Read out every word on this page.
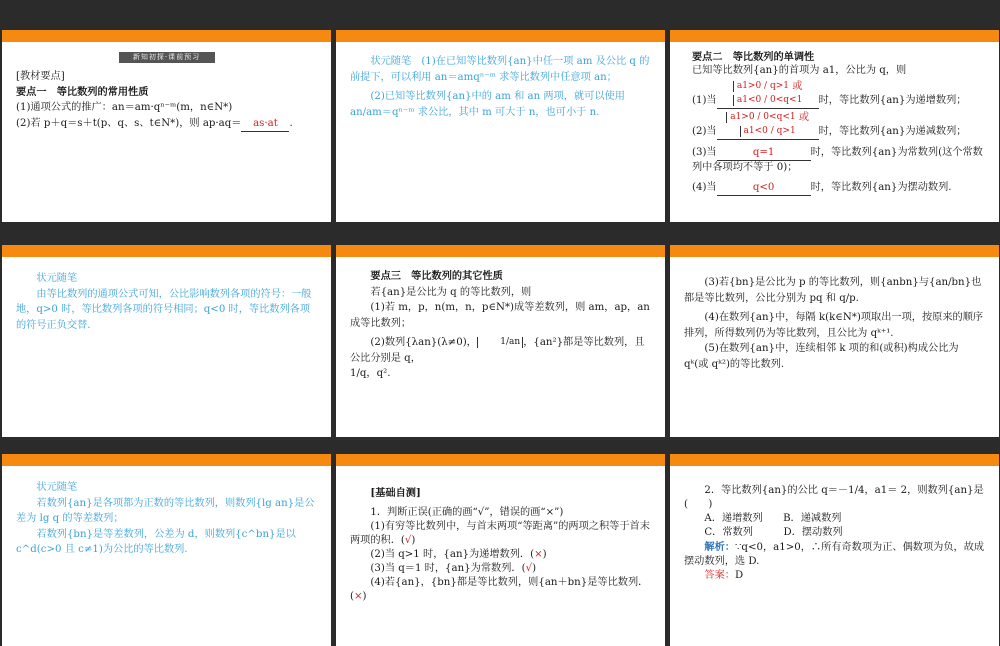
新知初探·课前预习

[教材要点]

要点一　等比数列的常用性质

(1)通项公式的推广：an＝am·qⁿ⁻ᵐ(m，n∈N*)

(2)若 p＋q＝s＋t(p、q、s、t∈N*)，则 ap·aq＝ as·at .

状元随笔　(1)在已知等比数列{an}中任一项 am 及公比 q 的前提下，可以利用 an＝amqⁿ⁻ᵐ 求等比数列中任意项 an；

(2)已知等比数列{an}中的 am 和 an 两项，就可以使用 an/am＝qⁿ⁻ᵐ 求公比，其中 m 可大于 n，也可小于 n.

要点二　等比数列的单调性

已知等比数列{an}的首项为 a1，公比为 q，则

(1)当a1>0 / q>1 或 a1<0 / 0<q<1 时，等比数列{an}为递增数列；

(2)当a1>0 / 0<q<1 或 a1<0 / q>1 时，等比数列{an}为递减数列；

(3)当	q=1	时，等比数列{an}为常数列(这个常数列中各项均不等于 0)；

(4)当	q<0	时，等比数列{an}为摆动数列.

状元随笔

由等比数列的通项公式可知，公比影响数列各项的符号：一般地，q>0 时，等比数列各项的符号相同；q<0 时，等比数列各项的符号正负交替.

要点三　等比数列的其它性质

若{an}是公比为 q 的等比数列，则

(1)若 m，p，n(m，n，p∈N*)成等差数列，则 am，ap，an 成等比数列；

(2)数列{λan}(λ≠0)，	1/an ，{an²}都是等比数列，且公比分别是 q，

1/q，q².

(3)若{bn}是公比为 p 的等比数列，则{anbn}与{an/bn}也都是等比数列，公比分别为 pq 和 q/p.

(4)在数列{an}中，每隔 k(k∈N*)项取出一项，按原来的顺序排列，所得数列仍为等比数列，且公比为 qᵏ⁺¹.

(5)在数列{an}中，连续相邻 k 项的和(或积)构成公比为 qᵏ(或 qᵏ²)的等比数列.

状元随笔

若数列{an}是各项都为正数的等比数列，则数列{lg an}是公差为 lg q 的等差数列；

若数列{bn}是等差数列，公差为 d，则数列{c^bn}是以 c^d(c>0 且 c≠1)为公比的等比数列.

[基础自测]

1．判断正误(正确的画“√”，错误的画“×”)

(1)有穷等比数列中，与首末两项“等距离”的两项之积等于首末两项的积．(√)

(2)当 q>1 时，{an}为递增数列．(×)

(3)当 q＝1 时，{an}为常数列．(√)

(4)若{an}，{bn}都是等比数列，则{an＋bn}是等比数列．(×)

2．等比数列{an}的公比 q＝－1/4，a1＝ 2，则数列{an}是(　　)

A．递增数列　　 B．递减数列

C．常数列　　　	D．摆动数列

解析：∵q<0，a1>0，∴所有奇数项为正、偶数项为负，故成摆动数列，选 D.

答案：D
